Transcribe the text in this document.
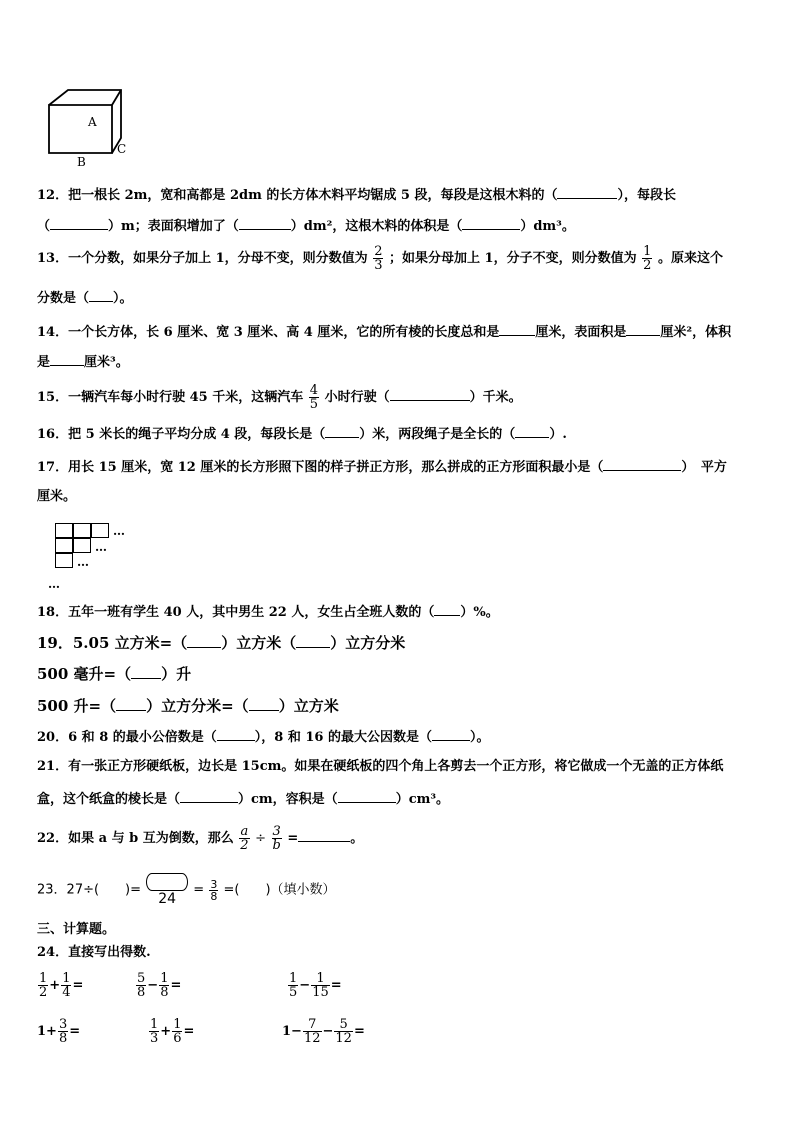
A
B
C
12．把一根长 2m，宽和高都是 2dm 的长方体木料平均锯成 5 段，每段是这根木料的（	），每段长
（	）m；表面积增加了（	）dm²，这根木料的体积是（	）dm³。
13．一个分数，如果分子加上 1，分母不变，则分数值为 $\frac{2}{3}$ ；如果分母加上 1，分子不变，则分数值为 $\frac{1}{2}$ 。原来这个
分数是（ ）。
14．一个长方体，长 6 厘米、宽 3 厘米、高 4 厘米，它的所有棱的长度总和是	厘米，表面积是	厘米²，体积
是	厘米³。
15．一辆汽车每小时行驶 45 千米，这辆汽车 $\frac{4}{5}$ 小时行驶（	）千米。
16．把 5 米长的绳子平均分成 4 段，每段长是（	）米，两段绳子是全长的（	）.
17．用长 15 厘米，宽 12 厘米的长方形照下图的样子拼正方形，那么拼成的正方形面积最小是（	）　平方
厘米。
…
…
…
…
18．五年一班有学生 40 人，其中男生 22 人，女生占全班人数的（ ）%。
19．5.05 立方米=（ ）立方米（ ）立方分米
500 毫升=（ ）升
500 升=（ ）立方分米=（ ）立方米
20．6 和 8 的最小公倍数是（	），8 和 16 的最大公因数是（	）。
21．有一张正方形硬纸板，边长是 15cm。如果在硬纸板的四个角上各剪去一个正方形，将它做成一个无盖的正方体纸
盒，这个纸盒的棱长是（	）cm，容积是（	）cm³。
22．如果 a 与 b 互为倒数，那么 $\frac{a}{2} \div \frac{3}{b}$ =	。
23．27÷(　　)=
24
= $\frac{3}{8}$ =(　　)（填小数）
三、计算题。
24．直接写出得数.
$\frac{1}{2} + \frac{1}{4}$ =	$\frac{5}{8} - \frac{1}{8}$ =	$\frac{1}{5} - \frac{1}{15}$ =
$1+ \frac{3}{8}$ =	$\frac{1}{3} + \frac{1}{6}$ =	$1- \frac{7}{12} - \frac{5}{12}$ =
